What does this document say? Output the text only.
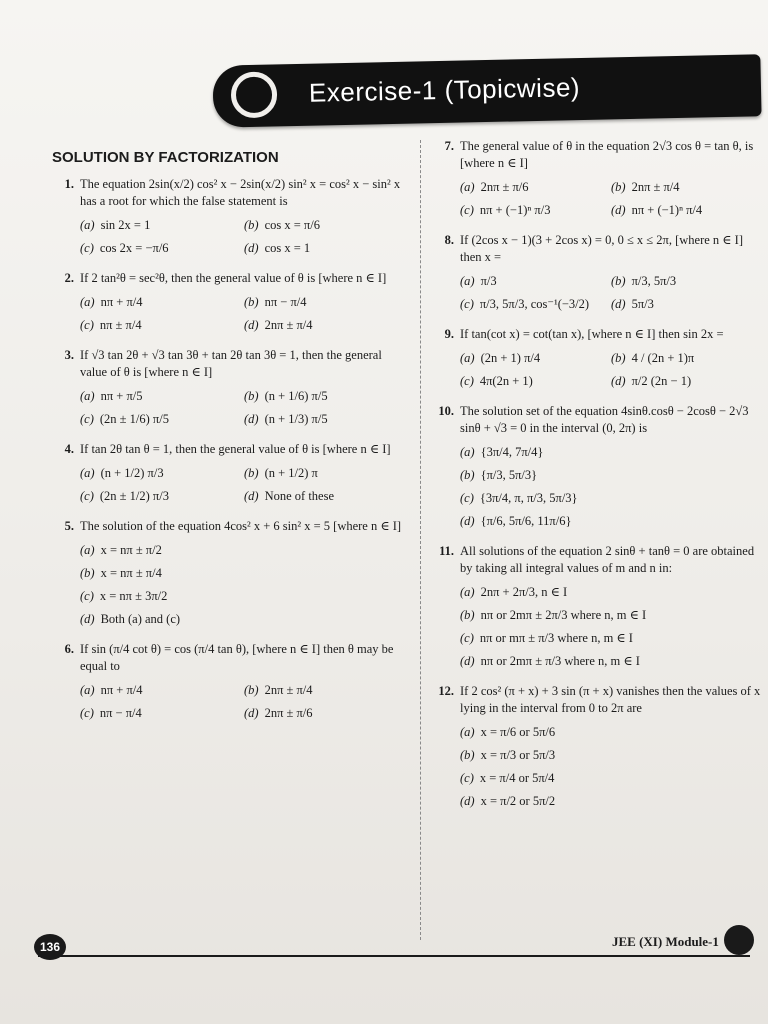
Exercise-1 (Topicwise)
SOLUTION BY FACTORIZATION
1. The equation 2sin(x/2) cos² x − 2sin(x/2) sin² x = cos² x − sin² x has a root for which the false statement is
(a) sin 2x = 1	(b) cos x = π/6
(c) cos 2x = −π/6	(d) cos x = 1
2. If 2 tan²θ = sec²θ, then the general value of θ is [where n ∈ I]
(a) nπ + π/4	(b) nπ − π/4
(c) nπ ± π/4	(d) 2nπ ± π/4
3. If √3 tan 2θ + √3 tan 3θ + tan 2θ tan 3θ = 1, then the general value of θ is [where n ∈ I]
(a) nπ + π/5	(b) (n + 1/6) π/5
(c) (2n ± 1/6) π/5	(d) (n + 1/3) π/5
4. If tan 2θ tan θ = 1, then the general value of θ is [where n ∈ I]
(a) (n + 1/2) π/3	(b) (n + 1/2) π
(c) (2n ± 1/2) π/3	(d) None of these
5. The solution of the equation 4cos² x + 6 sin² x = 5 [where n ∈ I]
(a) x = nπ ± π/2
(b) x = nπ ± π/4
(c) x = nπ ± 3π/2
(d) Both (a) and (c)
6. If sin (π/4 cot θ) = cos (π/4 tan θ), [where n ∈ I] then θ may be equal to
(a) nπ + π/4	(b) 2nπ ± π/4
(c) nπ − π/4	(d) 2nπ ± π/6
7. The general value of θ in the equation 2√3 cos θ = tan θ, is [where n ∈ I]
(a) 2nπ ± π/6	(b) 2nπ ± π/4
(c) nπ + (−1)ⁿ π/3	(d) nπ + (−1)ⁿ π/4
8. If (2cos x − 1)(3 + 2cos x) = 0, 0 ≤ x ≤ 2π, [where n ∈ I] then x =
(a) π/3	(b) π/3, 5π/3
(c) π/3, 5π/3, cos⁻¹(−3/2)	(d) 5π/3
9. If tan(cot x) = cot(tan x), [where n ∈ I] then sin 2x =
(a) (2n + 1) π/4	(b) 4 / (2n + 1)π
(c) 4π(2n + 1)	(d) π/2 (2n − 1)
10. The solution set of the equation 4sinθ.cosθ − 2cosθ − 2√3 sinθ + √3 = 0 in the interval (0, 2π) is
(a) {3π/4, 7π/4}
(b) {π/3, 5π/3}
(c) {3π/4, π, π/3, 5π/3}
(d) {π/6, 5π/6, 11π/6}
11. All solutions of the equation 2 sinθ + tanθ = 0 are obtained by taking all integral values of m and n in:
(a) 2nπ + 2π/3, n ∈ I
(b) nπ or 2mπ ± 2π/3 where n, m ∈ I
(c) nπ or mπ ± π/3 where n, m ∈ I
(d) nπ or 2mπ ± π/3 where n, m ∈ I
12. If 2 cos² (π + x) + 3 sin (π + x) vanishes then the values of x lying in the interval from 0 to 2π are
(a) x = π/6 or 5π/6
(b) x = π/3 or 5π/3
(c) x = π/4 or 5π/4
(d) x = π/2 or 5π/2
136	JEE (XI) Module-1
